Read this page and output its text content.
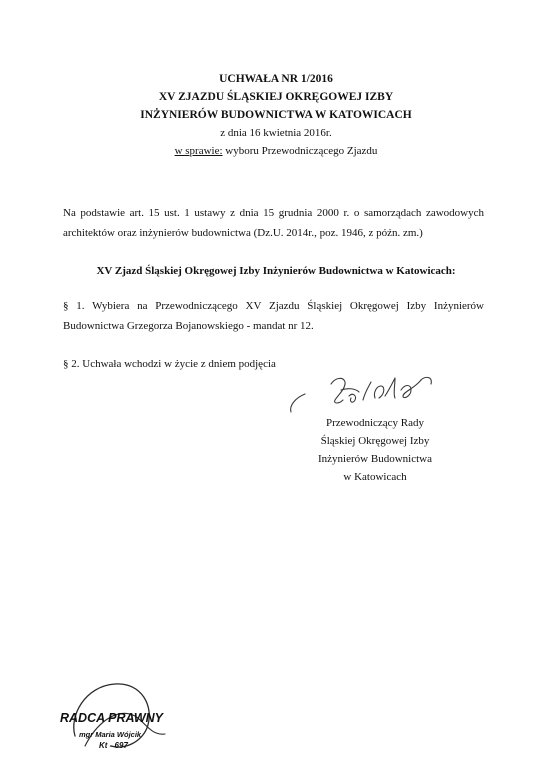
UCHWAŁA NR 1/2016
XV ZJAZDU ŚLĄSKIEJ OKRĘGOWEJ IZBY
INŻYNIERÓW BUDOWNICTWA W KATOWICACH
z dnia 16 kwietnia 2016r.
w sprawie: wyboru Przewodniczącego Zjazdu
Na podstawie art. 15 ust. 1 ustawy z dnia 15 grudnia 2000 r. o samorządach zawodowych
architektów oraz inżynierów budownictwa (Dz.U. 2014r., poz. 1946, z późn. zm.)
XV Zjazd Śląskiej Okręgowej Izby Inżynierów Budownictwa w Katowicach:
§ 1. Wybiera na Przewodniczącego XV Zjazdu Śląskiej Okręgowej Izby Inżynierów
Budownictwa Grzegorza Bojanowskiego - mandat nr 12.
§ 2. Uchwała wchodzi w życie z dniem podjęcia
Przewodniczący Rady
Śląskiej Okręgowej Izby
Inżynierów Budownictwa
w Katowicach
RADCA PRAWNY
mgr Maria Wójcik
Kt - 697
